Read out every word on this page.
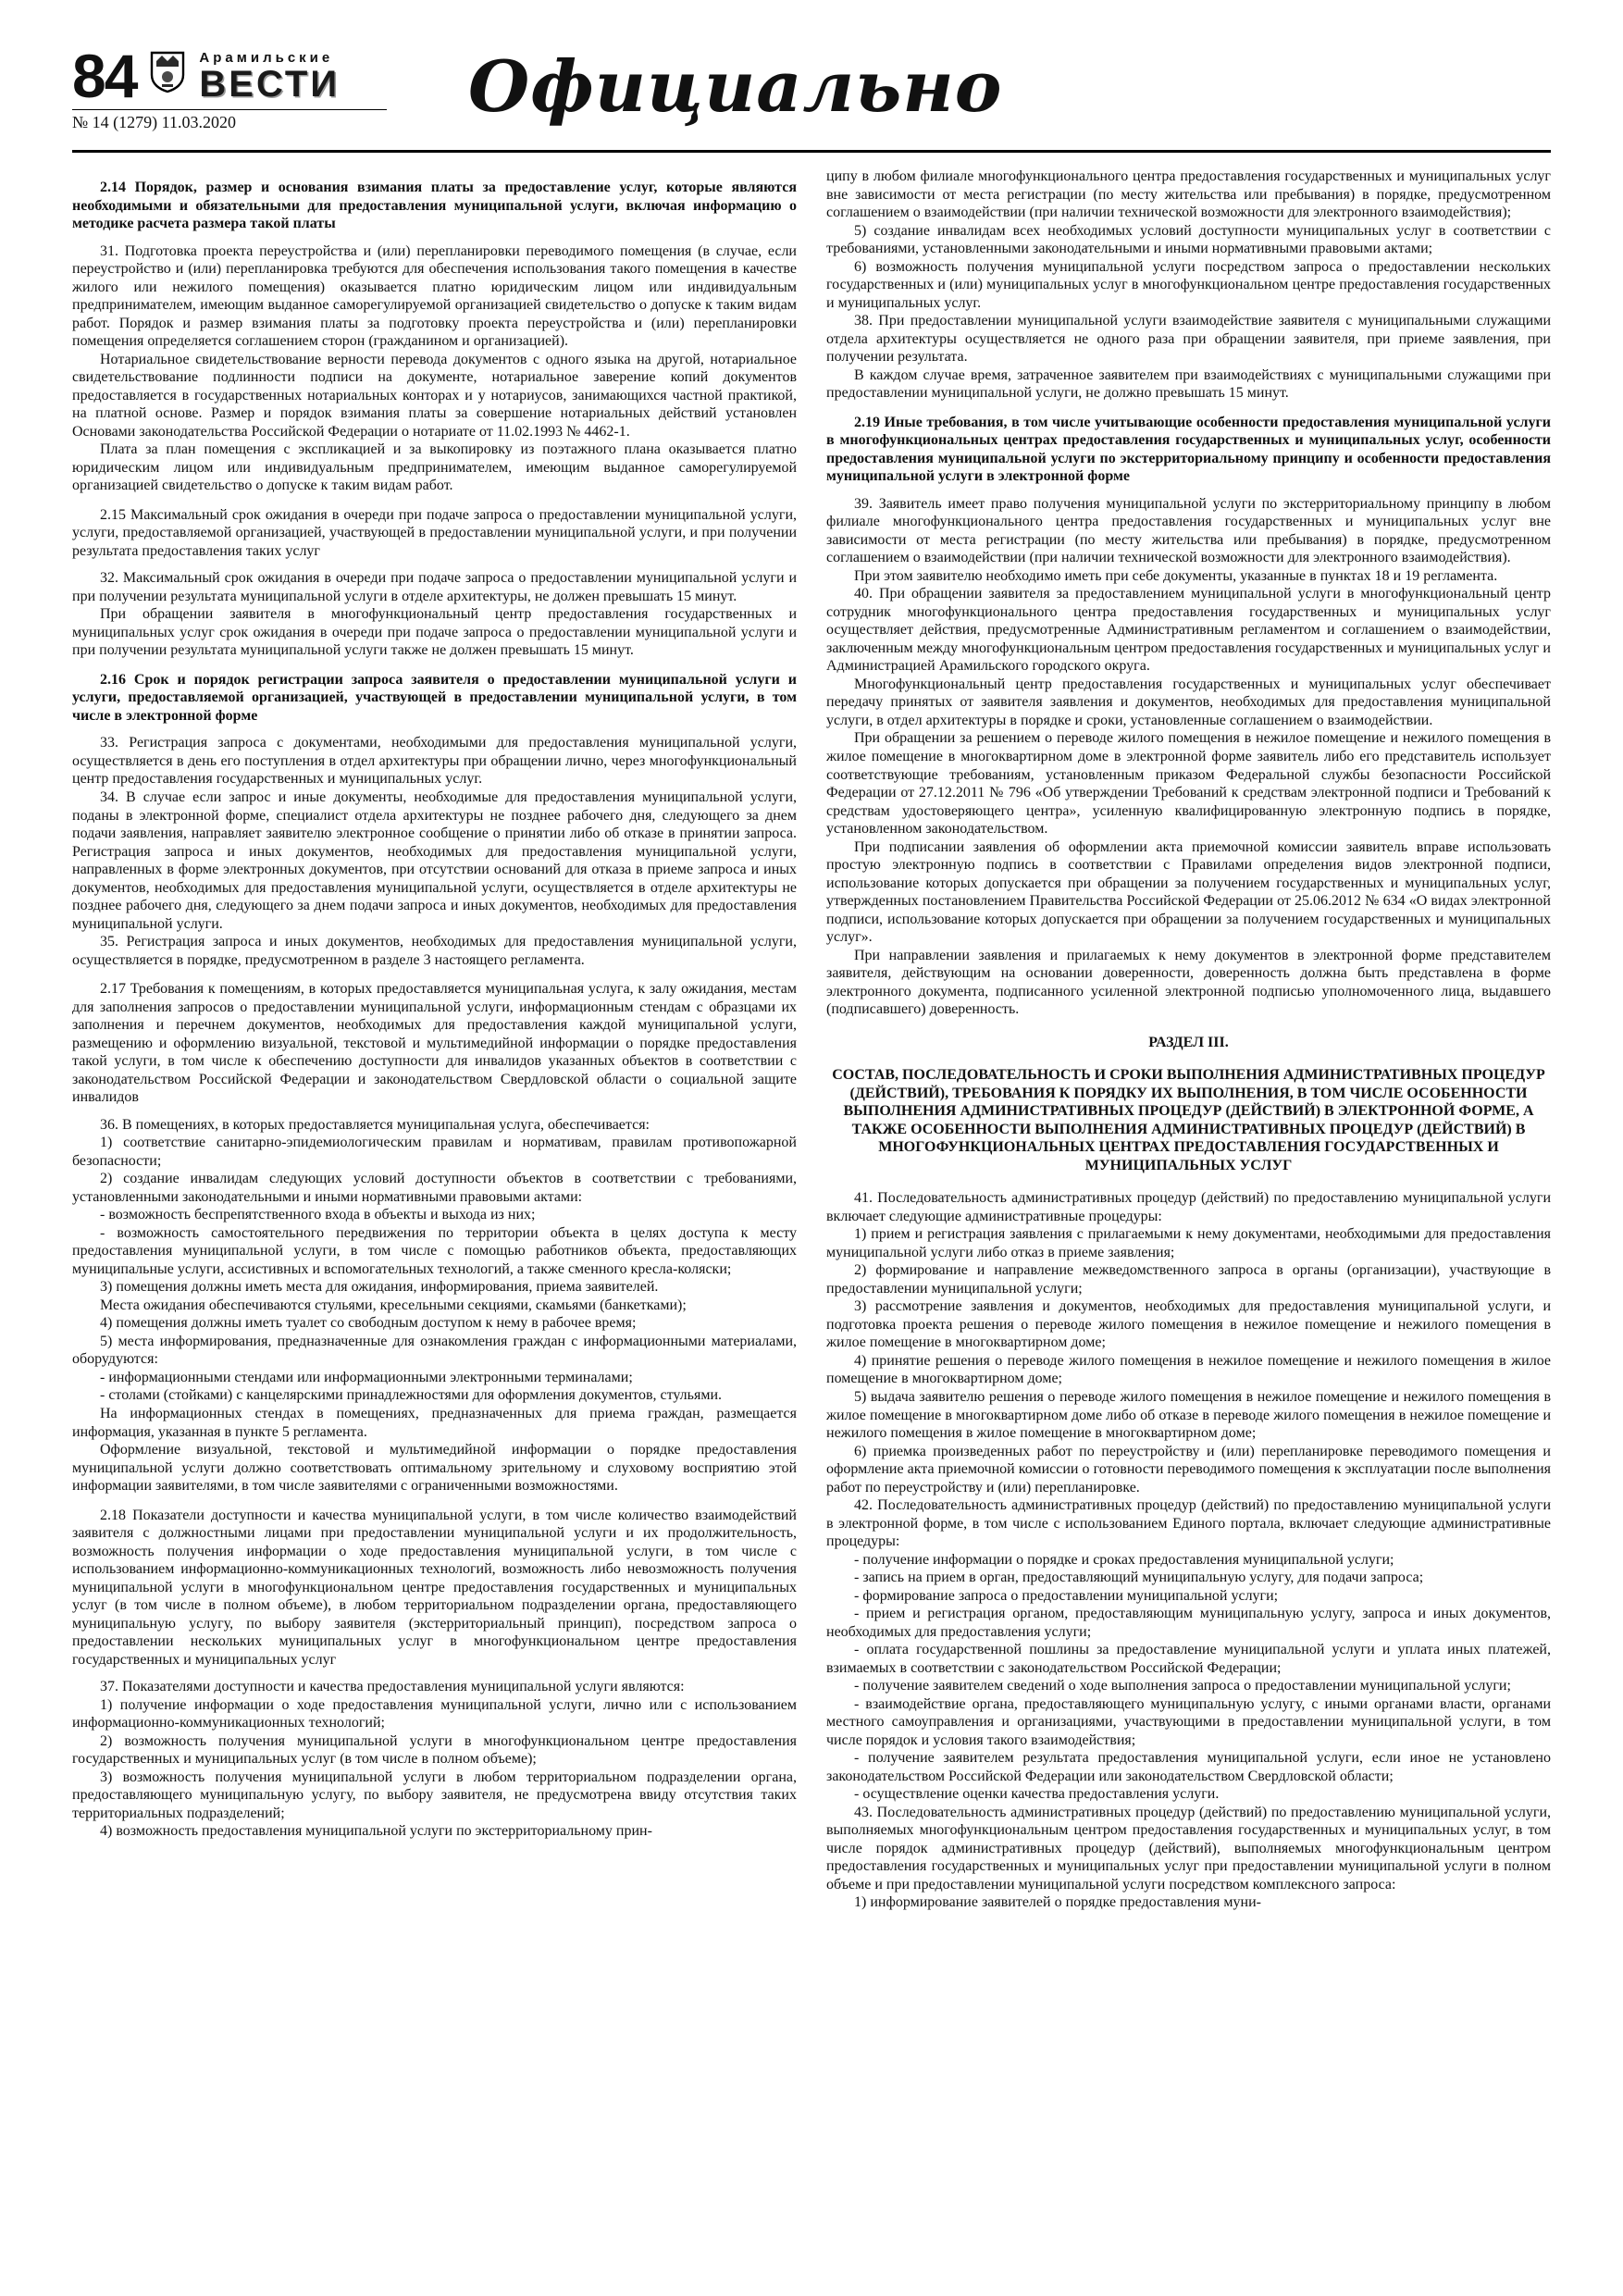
84	Арамильские
ВЕСТИ
№ 14 (1279) 11.03.2020	Официально
2.14 Порядок, размер и основания взимания платы за предоставление услуг, которые являются необходимыми и обязательными для предоставления муниципальной услуги, включая информацию о методике расчета размера такой платы
31. Подготовка проекта переустройства и (или) перепланировки переводимого помещения (в случае, если переустройство и (или) перепланировка требуются для обеспечения использования такого помещения в качестве жилого или нежилого помещения) оказывается платно юридическим лицом или индивидуальным предпринимателем, имеющим выданное саморегулируемой организацией свидетельство о допуске к таким видам работ. Порядок и размер взимания платы за подготовку проекта переустройства и (или) перепланировки помещения определяется соглашением сторон (гражданином и организацией).
Нотариальное свидетельствование верности перевода документов с одного языка на другой, нотариальное свидетельствование подлинности подписи на документе, нотариальное заверение копий документов предоставляется в государственных нотариальных конторах и у нотариусов, занимающихся частной практикой, на платной основе. Размер и порядок взимания платы за совершение нотариальных действий установлен Основами законодательства Российской Федерации о нотариате от 11.02.1993 № 4462-1.
Плата за план помещения с экспликацией и за выкопировку из поэтажного плана оказывается платно юридическим лицом или индивидуальным предпринимателем, имеющим выданное саморегулируемой организацией свидетельство о допуске к таким видам работ.
2.15 Максимальный срок ожидания в очереди при подаче запроса о предоставлении муниципальной услуги, услуги, предоставляемой организацией, участвующей в предоставлении муниципальной услуги, и при получении результата предоставления таких услуг
32. Максимальный срок ожидания в очереди при подаче запроса о предоставлении муниципальной услуги и при получении результата муниципальной услуги в отделе архитектуры, не должен превышать 15 минут.
При обращении заявителя в многофункциональный центр предоставления государственных и муниципальных услуг срок ожидания в очереди при подаче запроса о предоставлении муниципальной услуги и при получении результата муниципальной услуги также не должен превышать 15 минут.
2.16 Срок и порядок регистрации запроса заявителя о предоставлении муниципальной услуги и услуги, предоставляемой организацией, участвующей в предоставлении муниципальной услуги, в том числе в электронной форме
33. Регистрация запроса с документами, необходимыми для предоставления муниципальной услуги, осуществляется в день его поступления в отдел архитектуры при обращении лично, через многофункциональный центр предоставления государственных и муниципальных услуг.
34. В случае если запрос и иные документы, необходимые для предоставления муниципальной услуги, поданы в электронной форме, специалист отдела архитектуры не позднее рабочего дня, следующего за днем подачи заявления, направляет заявителю электронное сообщение о принятии либо об отказе в принятии запроса. Регистрация запроса и иных документов, необходимых для предоставления муниципальной услуги, направленных в форме электронных документов, при отсутствии оснований для отказа в приеме запроса и иных документов, необходимых для предоставления муниципальной услуги, осуществляется в отделе архитектуры не позднее рабочего дня, следующего за днем подачи запроса и иных документов, необходимых для предоставления муниципальной услуги.
35. Регистрация запроса и иных документов, необходимых для предоставления муниципальной услуги, осуществляется в порядке, предусмотренном в разделе 3 настоящего регламента.
2.17 Требования к помещениям, в которых предоставляется муниципальная услуга, к залу ожидания, местам для заполнения запросов о предоставлении муниципальной услуги, информационным стендам с образцами их заполнения и перечнем документов, необходимых для предоставления каждой муниципальной услуги, размещению и оформлению визуальной, текстовой и мультимедийной информации о порядке предоставления такой услуги, в том числе к обеспечению доступности для инвалидов указанных объектов в соответствии с законодательством Российской Федерации и законодательством Свердловской области о социальной защите инвалидов
36. В помещениях, в которых предоставляется муниципальная услуга, обеспечивается:
1) соответствие санитарно-эпидемиологическим правилам и нормативам, правилам противопожарной безопасности;
2) создание инвалидам следующих условий доступности объектов в соответствии с требованиями, установленными законодательными и иными нормативными правовыми актами:
- возможность беспрепятственного входа в объекты и выхода из них;
- возможность самостоятельного передвижения по территории объекта в целях доступа к месту предоставления муниципальной услуги, в том числе с помощью работников объекта, предоставляющих муниципальные услуги, ассистивных и вспомогательных технологий, а также сменного кресла-коляски;
3) помещения должны иметь места для ожидания, информирования, приема заявителей.
Места ожидания обеспечиваются стульями, кресельными секциями, скамьями (банкетками);
4) помещения должны иметь туалет со свободным доступом к нему в рабочее время;
5) места информирования, предназначенные для ознакомления граждан с информационными материалами, оборудуются:
- информационными стендами или информационными электронными терминалами;
- столами (стойками) с канцелярскими принадлежностями для оформления документов, стульями.
На информационных стендах в помещениях, предназначенных для приема граждан, размещается информация, указанная в пункте 5 регламента.
Оформление визуальной, текстовой и мультимедийной информации о порядке предоставления муниципальной услуги должно соответствовать оптимальному зрительному и слуховому восприятию этой информации заявителями, в том числе заявителями с ограниченными возможностями.
2.18 Показатели доступности и качества муниципальной услуги, в том числе количество взаимодействий заявителя с должностными лицами при предоставлении муниципальной услуги и их продолжительность, возможность получения информации о ходе предоставления муниципальной услуги, в том числе с использованием информационно-коммуникационных технологий, возможность либо невозможность получения муниципальной услуги в многофункциональном центре предоставления государственных и муниципальных услуг (в том числе в полном объеме), в любом территориальном подразделении органа, предоставляющего муниципальную услугу, по выбору заявителя (экстерриториальный принцип), посредством запроса о предоставлении нескольких муниципальных услуг в многофункциональном центре предоставления государственных и муниципальных услуг
37. Показателями доступности и качества предоставления муниципальной услуги являются:
1) получение информации о ходе предоставления муниципальной услуги, лично или с использованием информационно-коммуникационных технологий;
2) возможность получения муниципальной услуги в многофункциональном центре предоставления государственных и муниципальных услуг (в том числе в полном объеме);
3) возможность получения муниципальной услуги в любом территориальном подразделении органа, предоставляющего муниципальную услугу, по выбору заявителя, не предусмотрена ввиду отсутствия таких территориальных подразделений;
4) возможность предоставления муниципальной услуги по экстерриториальному прин-
ципу в любом филиале многофункционального центра предоставления государственных и муниципальных услуг вне зависимости от места регистрации (по месту жительства или пребывания) в порядке, предусмотренном соглашением о взаимодействии (при наличии технической возможности для электронного взаимодействия);
5) создание инвалидам всех необходимых условий доступности муниципальных услуг в соответствии с требованиями, установленными законодательными и иными нормативными правовыми актами;
6) возможность получения муниципальной услуги посредством запроса о предоставлении нескольких государственных и (или) муниципальных услуг в многофункциональном центре предоставления государственных и муниципальных услуг.
38. При предоставлении муниципальной услуги взаимодействие заявителя с муниципальными служащими отдела архитектуры осуществляется не одного раза при обращении заявителя, при приеме заявления, при получении результата.
В каждом случае время, затраченное заявителем при взаимодействиях с муниципальными служащими при предоставлении муниципальной услуги, не должно превышать 15 минут.
2.19 Иные требования, в том числе учитывающие особенности предоставления муниципальной услуги в многофункциональных центрах предоставления государственных и муниципальных услуг, особенности предоставления муниципальной услуги по экстерриториальному принципу и особенности предоставления муниципальной услуги в электронной форме
39. Заявитель имеет право получения муниципальной услуги по экстерриториальному принципу в любом филиале многофункционального центра предоставления государственных и муниципальных услуг вне зависимости от места регистрации (по месту жительства или пребывания) в порядке, предусмотренном соглашением о взаимодействии (при наличии технической возможности для электронного взаимодействия).
При этом заявителю необходимо иметь при себе документы, указанные в пунктах 18 и 19 регламента.
40. При обращении заявителя за предоставлением муниципальной услуги в многофункциональный центр сотрудник многофункционального центра предоставления государственных и муниципальных услуг осуществляет действия, предусмотренные Административным регламентом и соглашением о взаимодействии, заключенным между многофункциональным центром предоставления государственных и муниципальных услуг и Администрацией Арамильского городского округа.
Многофункциональный центр предоставления государственных и муниципальных услуг обеспечивает передачу принятых от заявителя заявления и документов, необходимых для предоставления муниципальной услуги, в отдел архитектуры в порядке и сроки, установленные соглашением о взаимодействии.
При обращении за решением о переводе жилого помещения в нежилое помещение и нежилого помещения в жилое помещение в многоквартирном доме в электронной форме заявитель либо его представитель использует соответствующие требованиям, установленным приказом Федеральной службы безопасности Российской Федерации от 27.12.2011 № 796 «Об утверждении Требований к средствам электронной подписи и Требований к средствам удостоверяющего центра», усиленную квалифицированную электронную подпись в порядке, установленном законодательством.
При подписании заявления об оформлении акта приемочной комиссии заявитель вправе использовать простую электронную подпись в соответствии с Правилами определения видов электронной подписи, использование которых допускается при обращении за получением государственных и муниципальных услуг, утвержденных постановлением Правительства Российской Федерации от 25.06.2012 № 634 «О видах электронной подписи, использование которых допускается при обращении за получением государственных и муниципальных услуг».
При направлении заявления и прилагаемых к нему документов в электронной форме представителем заявителя, действующим на основании доверенности, доверенность должна быть представлена в форме электронного документа, подписанного усиленной электронной подписью уполномоченного лица, выдавшего (подписавшего) доверенность.
РАЗДЕЛ III.
СОСТАВ, ПОСЛЕДОВАТЕЛЬНОСТЬ И СРОКИ ВЫПОЛНЕНИЯ АДМИНИСТРАТИВНЫХ ПРОЦЕДУР (ДЕЙСТВИЙ), ТРЕБОВАНИЯ К ПОРЯДКУ ИХ ВЫПОЛНЕНИЯ, В ТОМ ЧИСЛЕ ОСОБЕННОСТИ ВЫПОЛНЕНИЯ АДМИНИСТРАТИВНЫХ ПРОЦЕДУР (ДЕЙСТВИЙ) В ЭЛЕКТРОННОЙ ФОРМЕ, А ТАКЖЕ ОСОБЕННОСТИ ВЫПОЛНЕНИЯ АДМИНИСТРАТИВНЫХ ПРОЦЕДУР (ДЕЙСТВИЙ) В МНОГОФУНКЦИОНАЛЬНЫХ ЦЕНТРАХ ПРЕДОСТАВЛЕНИЯ ГОСУДАРСТВЕННЫХ И МУНИЦИПАЛЬНЫХ УСЛУГ
41. Последовательность административных процедур (действий) по предоставлению муниципальной услуги включает следующие административные процедуры:
1) прием и регистрация заявления с прилагаемыми к нему документами, необходимыми для предоставления муниципальной услуги либо отказ в приеме заявления;
2) формирование и направление межведомственного запроса в органы (организации), участвующие в предоставлении муниципальной услуги;
3) рассмотрение заявления и документов, необходимых для предоставления муниципальной услуги, и подготовка проекта решения о переводе жилого помещения в нежилое помещение и нежилого помещения в жилое помещение в многоквартирном доме;
4) принятие решения о переводе жилого помещения в нежилое помещение и нежилого помещения в жилое помещение в многоквартирном доме;
5) выдача заявителю решения о переводе жилого помещения в нежилое помещение и нежилого помещения в жилое помещение в многоквартирном доме либо об отказе в переводе жилого помещения в нежилое помещение и нежилого помещения в жилое помещение в многоквартирном доме;
6) приемка произведенных работ по переустройству и (или) перепланировке переводимого помещения и оформление акта приемочной комиссии о готовности переводимого помещения к эксплуатации после выполнения работ по переустройству и (или) перепланировке.
42. Последовательность административных процедур (действий) по предоставлению муниципальной услуги в электронной форме, в том числе с использованием Единого портала, включает следующие административные процедуры:
- получение информации о порядке и сроках предоставления муниципальной услуги;
- запись на прием в орган, предоставляющий муниципальную услугу, для подачи запроса;
- формирование запроса о предоставлении муниципальной услуги;
- прием и регистрация органом, предоставляющим муниципальную услугу, запроса и иных документов, необходимых для предоставления услуги;
- оплата государственной пошлины за предоставление муниципальной услуги и уплата иных платежей, взимаемых в соответствии с законодательством Российской Федерации;
- получение заявителем сведений о ходе выполнения запроса о предоставлении муниципальной услуги;
- взаимодействие органа, предоставляющего муниципальную услугу, с иными органами власти, органами местного самоуправления и организациями, участвующими в предоставлении муниципальной услуги, в том числе порядок и условия такого взаимодействия;
- получение заявителем результата предоставления муниципальной услуги, если иное не установлено законодательством Российской Федерации или законодательством Свердловской области;
- осуществление оценки качества предоставления услуги.
43. Последовательность административных процедур (действий) по предоставлению муниципальной услуги, выполняемых многофункциональным центром предоставления государственных и муниципальных услуг, в том числе порядок административных процедур (действий), выполняемых многофункциональным центром предоставления государственных и муниципальных услуг при предоставлении муниципальной услуги в полном объеме и при предоставлении муниципальной услуги посредством комплексного запроса:
1) информирование заявителей о порядке предоставления муни-
